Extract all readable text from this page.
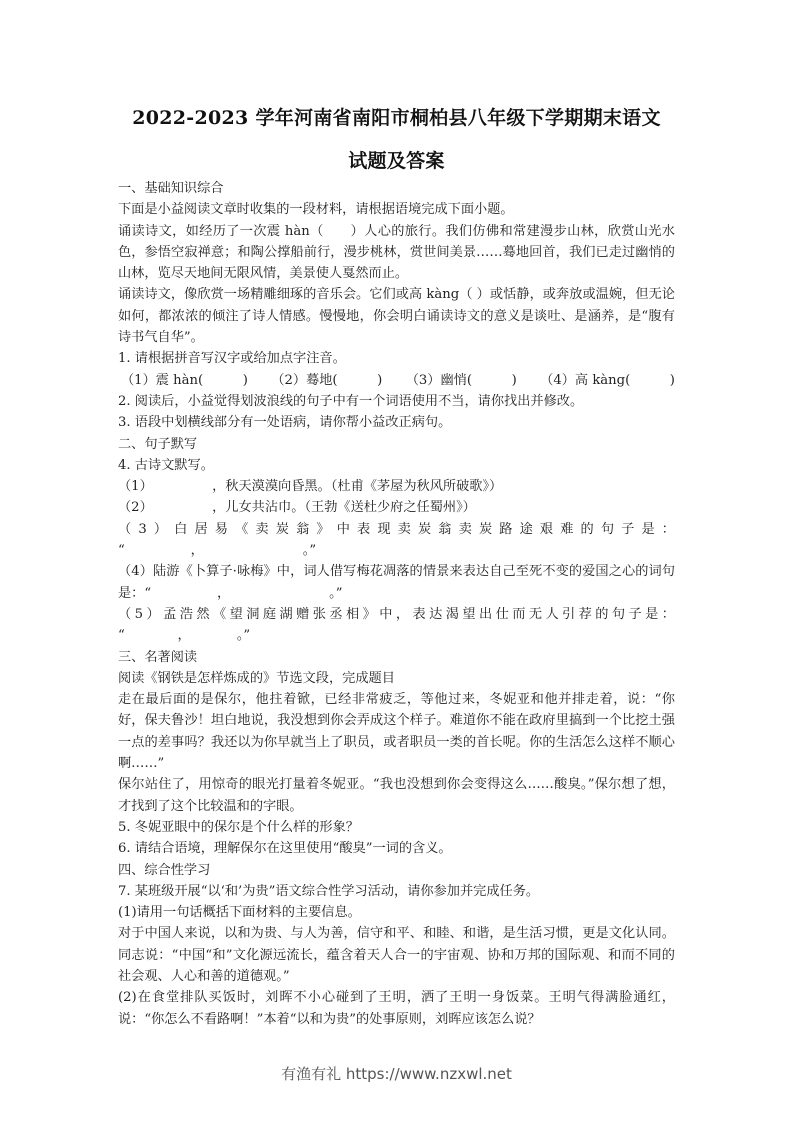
2022-2023 学年河南省南阳市桐柏县八年级下学期期末语文
试题及答案

一、基础知识综合

下面是小益阅读文章时收集的一段材料，请根据语境完成下面小题。

诵读诗文，如经历了一次震 hàn（　　）人心的旅行。我们仿佛和常建漫步山林，欣赏山光水色，参悟空寂禅意；和陶公撑船前行，漫步桃林，赏世间美景……蓦地回首，我们已走过幽悄的山林，览尽天地间无限风情，美景使人戛然而止。

诵读诗文，像欣赏一场精雕细琢的音乐会。它们或高 kàng（ ）或恬静，或奔放或温婉，但无论如何，都浓浓的倾注了诗人情感。慢慢地，你会明白诵读诗文的意义是谈吐、是涵养，是“腹有诗书气自华”。

1. 请根据拼音写汉字或给加点字注音。

（1）震 hàn(　　　) （2）蓦地(　　　) （3）幽悄(　　　) （4）高 kàng(　　　)

2. 阅读后，小益觉得划波浪线的句子中有一个词语使用不当，请你找出并修改。

3. 语段中划横线部分有一处语病，请你帮小益改正病句。

二、句子默写

4. 古诗文默写。

（1）　　　　　，秋天漠漠向昏黑。（杜甫《茅屋为秋风所破歌》）

（2）　　　　　，儿女共沾巾。（王勃《送杜少府之任蜀州》）

（3）白居易《卖炭翁》中表现卖炭翁卖炭路途艰难的句子是：

“　　　　　，　　　　　　　　。”

（4）陆游《卜算子·咏梅》中，词人借写梅花凋落的情景来表达自己至死不变的爱国之心的词句是：“　　　　　，　　　　　　　　。”

（5）孟浩然《望洞庭湖赠张丞相》中，表达渴望出仕而无人引荐的句子是：

“　　　　，　　　　。”

三、名著阅读

阅读《钢铁是怎样炼成的》节选文段，完成题目

走在最后面的是保尔，他拄着锨，已经非常疲乏，等他过来，冬妮亚和他并排走着，说：“你好，保夫鲁沙！坦白地说，我没想到你会弄成这个样子。难道你不能在政府里搞到一个比挖土强一点的差事吗？我还以为你早就当上了职员，或者职员一类的首长呢。你的生活怎么这样不顺心啊……”

保尔站住了，用惊奇的眼光打量着冬妮亚。“我也没想到你会变得这么……酸臭。”保尔想了想，才找到了这个比较温和的字眼。

5. 冬妮亚眼中的保尔是个什么样的形象？

6. 请结合语境，理解保尔在这里使用“酸臭”一词的含义。

四、综合性学习

7. 某班级开展“以‘和’为贵”语文综合性学习活动，请你参加并完成任务。

(1)请用一句话概括下面材料的主要信息。

对于中国人来说，以和为贵、与人为善，信守和平、和睦、和谐，是生活习惯，更是文化认同。同志说：“中国“和”文化源远流长，蕴含着天人合一的宇宙观、协和万邦的国际观、和而不同的社会观、人心和善的道德观。”

(2)在食堂排队买饭时，刘晖不小心碰到了王明，洒了王明一身饭菜。王明气得满脸通红，说：“你怎么不看路啊！”本着“以和为贵”的处事原则，刘晖应该怎么说？

有渔有礼 https://www.nzxwl.net
